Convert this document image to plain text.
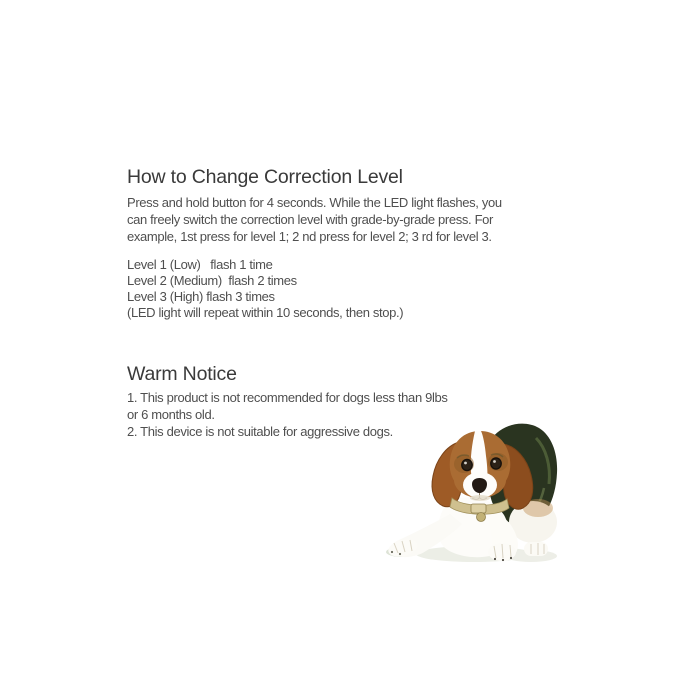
How to Change Correction Level
Press and hold button for 4 seconds. While the LED light flashes, you
can freely switch the correction level with grade-by-grade press. For
example, 1st press for level 1; 2 nd press for level 2; 3 rd for level 3.
Level 1 (Low)   flash 1 time
Level 2 (Medium)  flash 2 times
Level 3 (High) flash 3 times
(LED light will repeat within 10 seconds, then stop.)
Warm Notice
1. This product is not recommended for dogs less than 9lbs
or 6 months old.
2. This device is not suitable for aggressive dogs.
